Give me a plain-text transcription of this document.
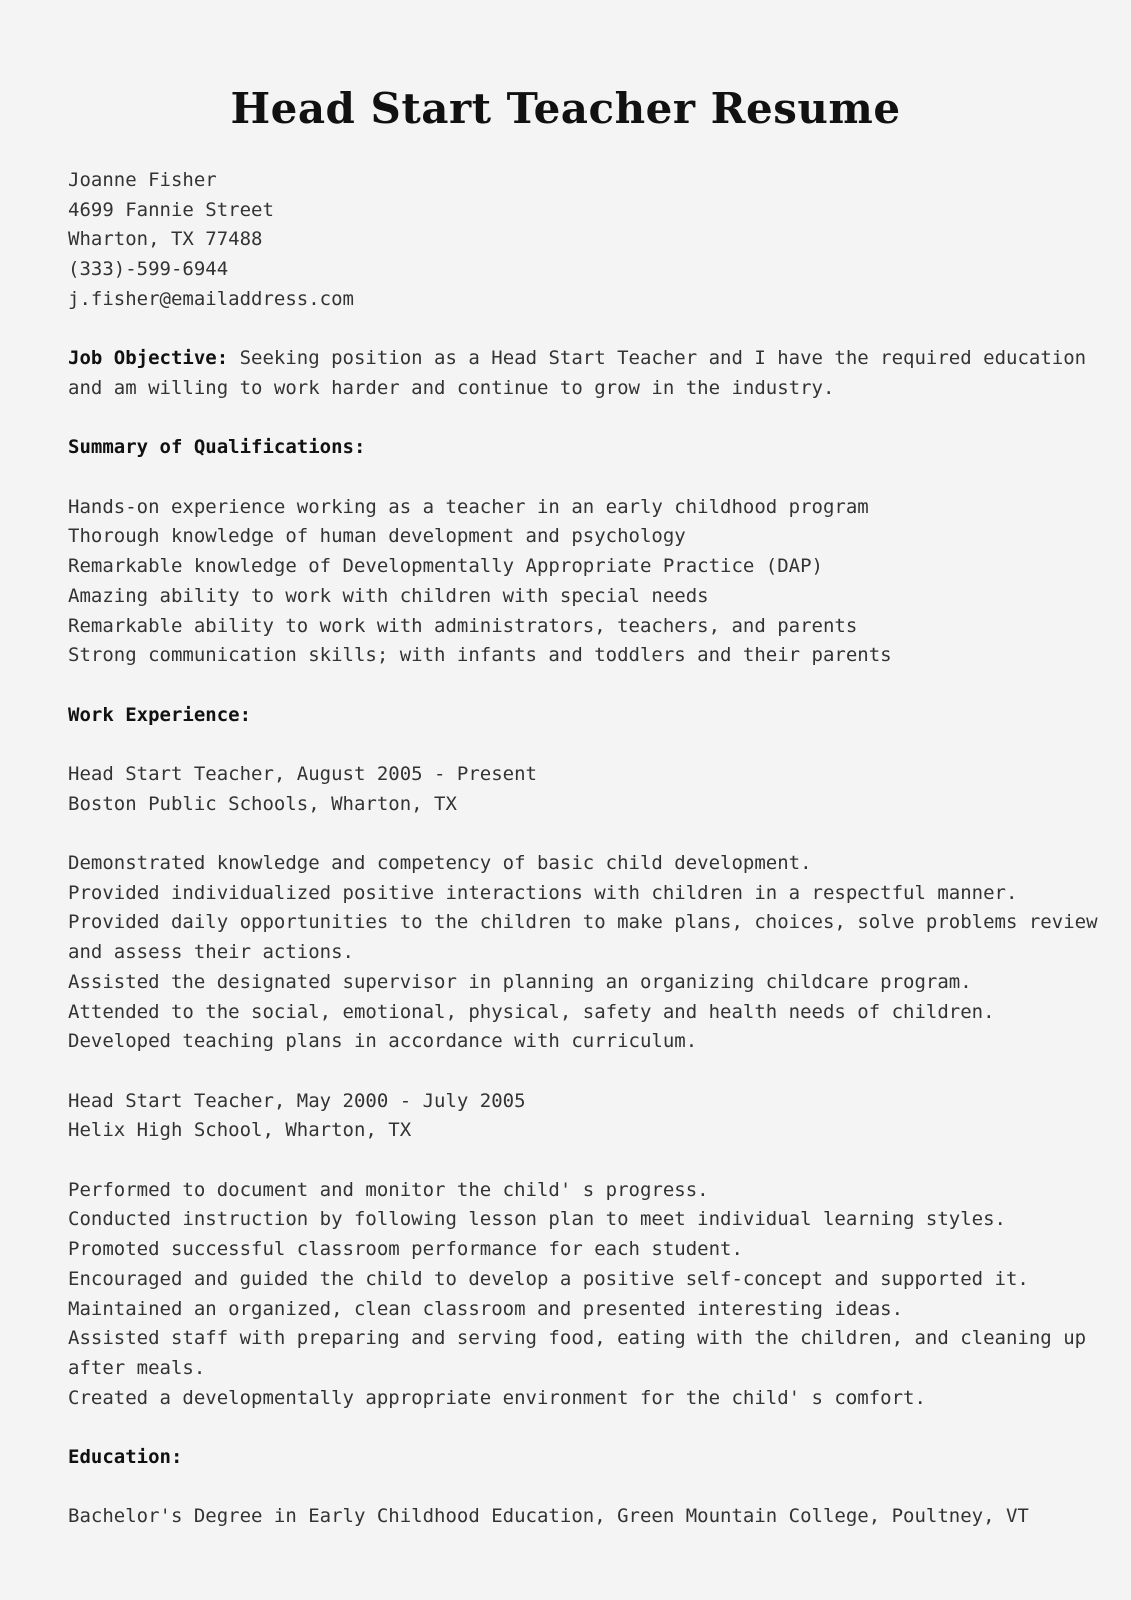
Head Start Teacher Resume

Joanne Fisher

4699 Fannie Street

Wharton, TX 77488

(333)-599-6944

j.fisher@emailaddress.com

Job Objective: Seeking position as a Head Start Teacher and I have the required education and am willing to work harder and continue to grow in the industry.

Summary of Qualifications:

Hands-on experience working as a teacher in an early childhood program

Thorough knowledge of human development and psychology

Remarkable knowledge of Developmentally Appropriate Practice (DAP)

Amazing ability to work with children with special needs

Remarkable ability to work with administrators, teachers, and parents

Strong communication skills; with infants and toddlers and their parents

Work Experience:

Head Start Teacher, August 2005 - Present

Boston Public Schools, Wharton, TX

Demonstrated knowledge and competency of basic child development.

Provided individualized positive interactions with children in a respectful manner.

Provided daily opportunities to the children to make plans, choices, solve problems review and assess their actions.

Assisted the designated supervisor in planning an organizing childcare program.

Attended to the social, emotional, physical, safety and health needs of children.

Developed teaching plans in accordance with curriculum.

Head Start Teacher, May 2000 - July 2005

Helix High School, Wharton, TX

Performed to document and monitor the child' s progress.

Conducted instruction by following lesson plan to meet individual learning styles.

Promoted successful classroom performance for each student.

Encouraged and guided the child to develop a positive self-concept and supported it.

Maintained an organized, clean classroom and presented interesting ideas.

Assisted staff with preparing and serving food, eating with the children, and cleaning up after meals.

Created a developmentally appropriate environment for the child' s comfort.

Education:

Bachelor's Degree in Early Childhood Education, Green Mountain College, Poultney, VT
